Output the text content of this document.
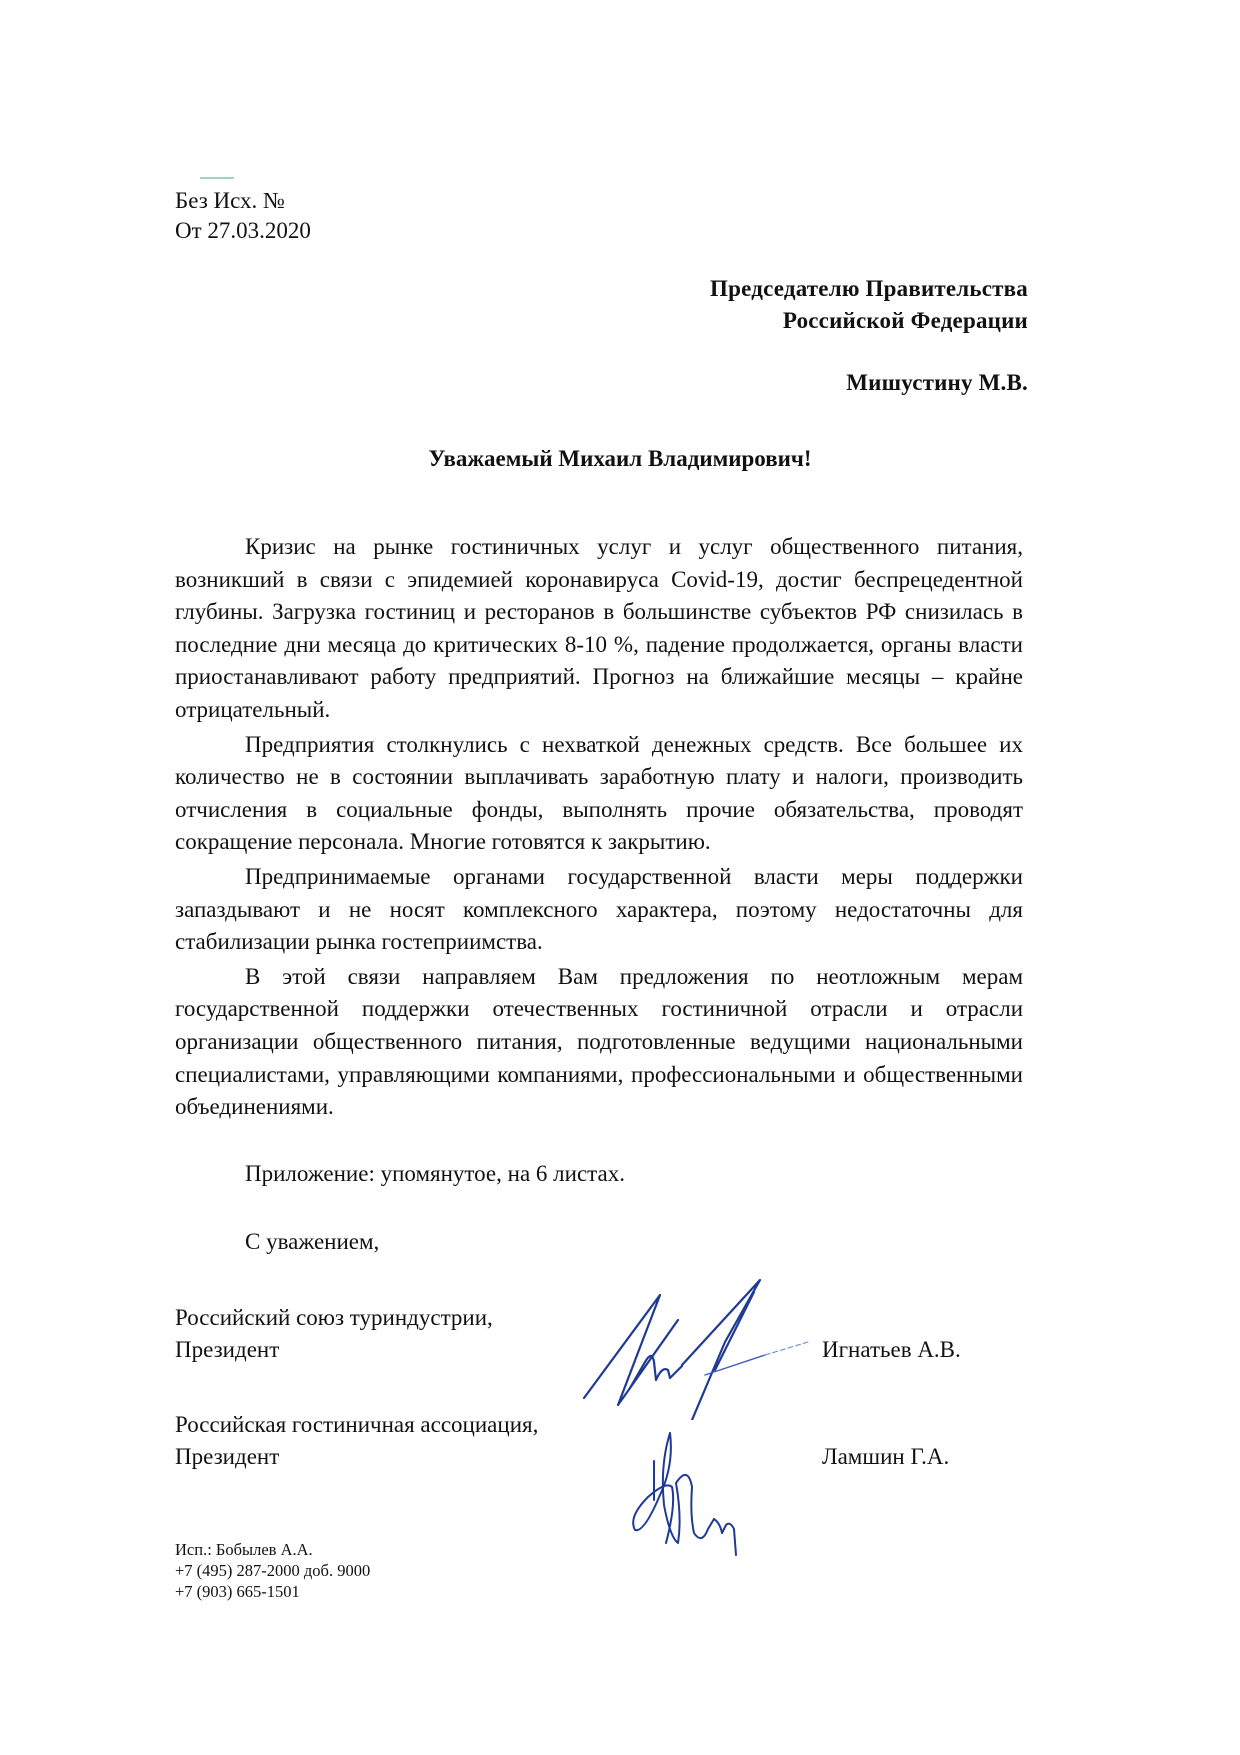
Без Исх. №
От 27.03.2020
Председателю Правительства
Российской Федерации
Мишустину М.В.
Уважаемый Михаил Владимирович!

Кризис на рынке гостиничных услуг и услуг общественного питания, возникший в связи с эпидемией коронавируса Covid-19, достиг беспрецедентной глубины. Загрузка гостиниц и ресторанов в большинстве субъектов РФ снизилась в последние дни месяца до критических 8-10 %, падение продолжается, органы власти приостанавливают работу предприятий. Прогноз на ближайшие месяцы – крайне отрицательный.

Предприятия столкнулись с нехваткой денежных средств. Все большее их количество не в состоянии выплачивать заработную плату и налоги, производить отчисления в социальные фонды, выполнять прочие обязательства, проводят сокращение персонала. Многие готовятся к закрытию.

Предпринимаемые органами государственной власти меры поддержки запаздывают и не носят комплексного характера, поэтому недостаточны для стабилизации рынка гостеприимства.

В этой связи направляем Вам предложения по неотложным мерам государственной поддержки отечественных гостиничной отрасли и отрасли организации общественного питания, подготовленные ведущими национальными специалистами, управляющими компаниями, профессиональными и общественными объединениями.

Приложение: упомянутое, на 6 листах.
С уважением,
Российский союз туриндустрии,
Президент	Игнатьев А.В.
Российская гостиничная ассоциация,
Президент	Ламшин Г.А.
Исп.: Бобылев А.А.
+7 (495) 287-2000 доб. 9000
+7 (903) 665-1501
